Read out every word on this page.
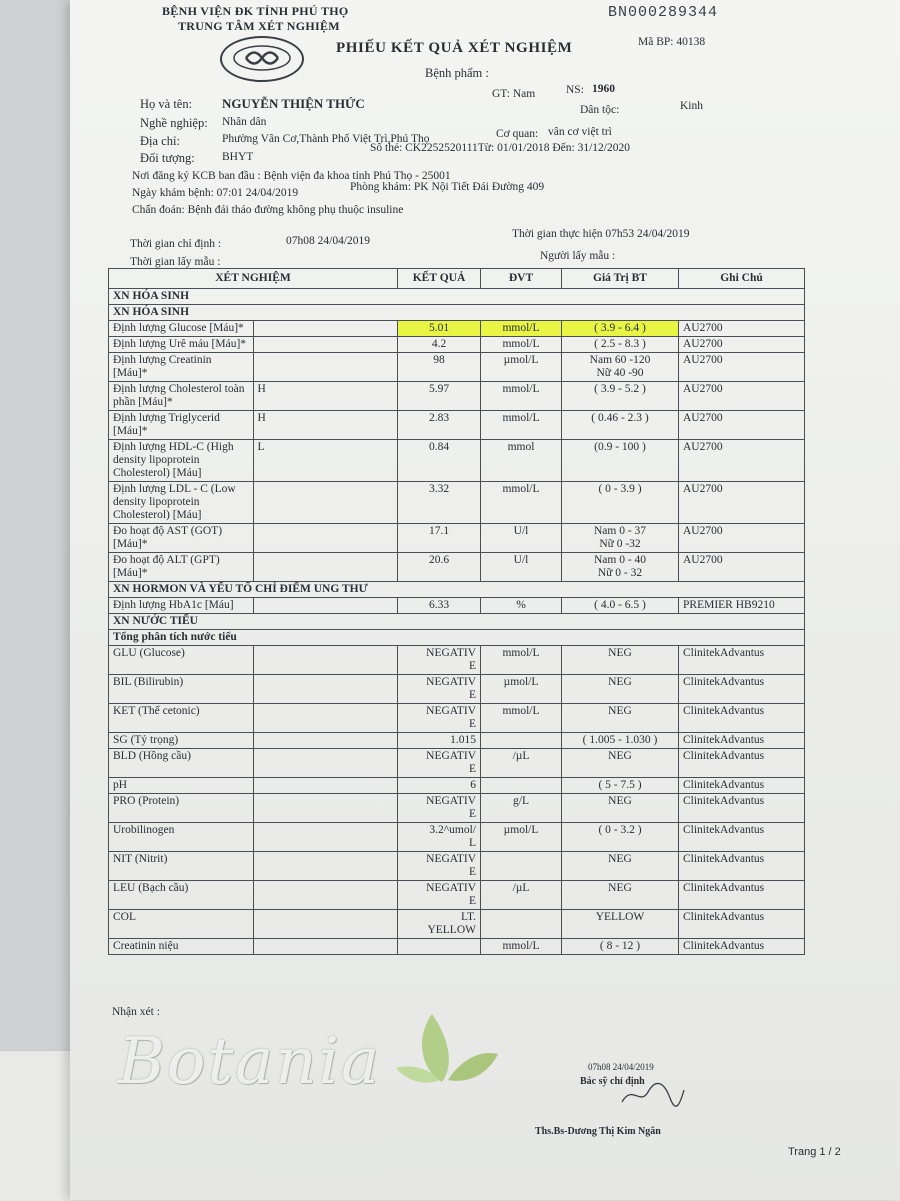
BỆNH VIỆN ĐK TỈNH PHÚ THỌ
TRUNG TÂM XÉT NGHIỆM
BN000289344
Mã BP: 40138
PHIẾU KẾT QUẢ XÉT NGHIỆM
Bệnh phẩm :
Họ và tên: NGUYỄN THIỆN THỨC
GT: Nam	NS: 1960
Dân tộc:	Kinh
Nghề nghiệp: Nhân dân
Địa chỉ:	Phường Vân Cơ,Thành Phố Việt Trì,Phú Thọ	Cơ quan: vân cơ việt trì
Đối tượng: BHYT
Số thẻ: CK2252520111Từ: 01/01/2018 Đến: 31/12/2020
Nơi đăng ký KCB ban đầu : Bệnh viện đa khoa tỉnh Phú Thọ - 25001
Ngày khám bệnh: 07:01 24/04/2019	Phòng khám: PK Nội Tiết Đái Đường 409
Chẩn đoán: Bệnh đái tháo đường không phụ thuộc insuline
Thời gian chỉ định :	07h08 24/04/2019
Thời gian thực hiện 07h53 24/04/2019
Thời gian lấy mẫu :	Người lấy mẫu :
XÉT NGHIỆM		KẾT QUẢ	ĐVT	Giá Trị BT	Ghi Chú
XN HÓA SINH					
XN HÓA SINH					
Định lượng Glucose [Máu]*		5.01	mmol/L	( 3.9 - 6.4 )	AU2700
Định lượng Urê máu [Máu]*		4.2	mmol/L	( 2.5 - 8.3 )	AU2700
Định lượng Creatinin [Máu]*		98	µmol/L	Nam 60 -120
Nữ 40 -90	AU2700
Định lượng Cholesterol toàn phần [Máu]*	H	5.97	mmol/L	( 3.9 - 5.2 )	AU2700
Định lượng Triglycerid [Máu]*	H	2.83	mmol/L	( 0.46 - 2.3 )	AU2700
Định lượng HDL-C (High density lipoprotein Cholesterol) [Máu]	L	0.84	mmol	(0.9 - 100 )	AU2700
Định lượng LDL - C (Low density lipoprotein Cholesterol) [Máu]		3.32	mmol/L	( 0 - 3.9 )	AU2700
Đo hoạt độ AST (GOT) [Máu]*		17.1	U/l	Nam 0 - 37
Nữ 0 -32	AU2700
Đo hoạt độ ALT (GPT) [Máu]*		20.6	U/l	Nam 0 - 40
Nữ 0 - 32	AU2700
XN HORMON VÀ YẾU TỐ CHỈ ĐIỂM UNG THƯ					
Định lượng HbA1c [Máu]		6.33	%	( 4.0 - 6.5 )	PREMIER HB9210
XN NƯỚC TIỂU					
Tổng phân tích nước tiểu					
GLU (Glucose)		NEGATIV
E	mmol/L	NEG	ClinitekAdvantus
BIL (Bilirubin)		NEGATIV
E	µmol/L	NEG	ClinitekAdvantus
KET (Thể cetonic)		NEGATIV
E	mmol/L	NEG	ClinitekAdvantus
SG (Tỷ trọng)		1.015		( 1.005 - 1.030 )	ClinitekAdvantus
BLD (Hồng cầu)		NEGATIV
E	/µL	NEG	ClinitekAdvantus
pH		6		( 5 - 7.5 )	ClinitekAdvantus
PRO (Protein)		NEGATIV
E	g/L	NEG	ClinitekAdvantus
Urobilinogen		3.2^umol/
L	µmol/L	( 0 - 3.2 )	ClinitekAdvantus
NIT (Nitrit)		NEGATIV
E		NEG	ClinitekAdvantus
LEU (Bạch cầu)		NEGATIV
E	/µL	NEG	ClinitekAdvantus
COL		LT.
YELLOW		YELLOW	ClinitekAdvantus
Creatinin niệu			mmol/L	( 8 - 12 )	ClinitekAdvantus
Nhận xét :
07h08 24/04/2019
Bác sỹ chỉ định
Ths.Bs-Dương Thị Kim Ngân
Trang 1 / 2
Botania
